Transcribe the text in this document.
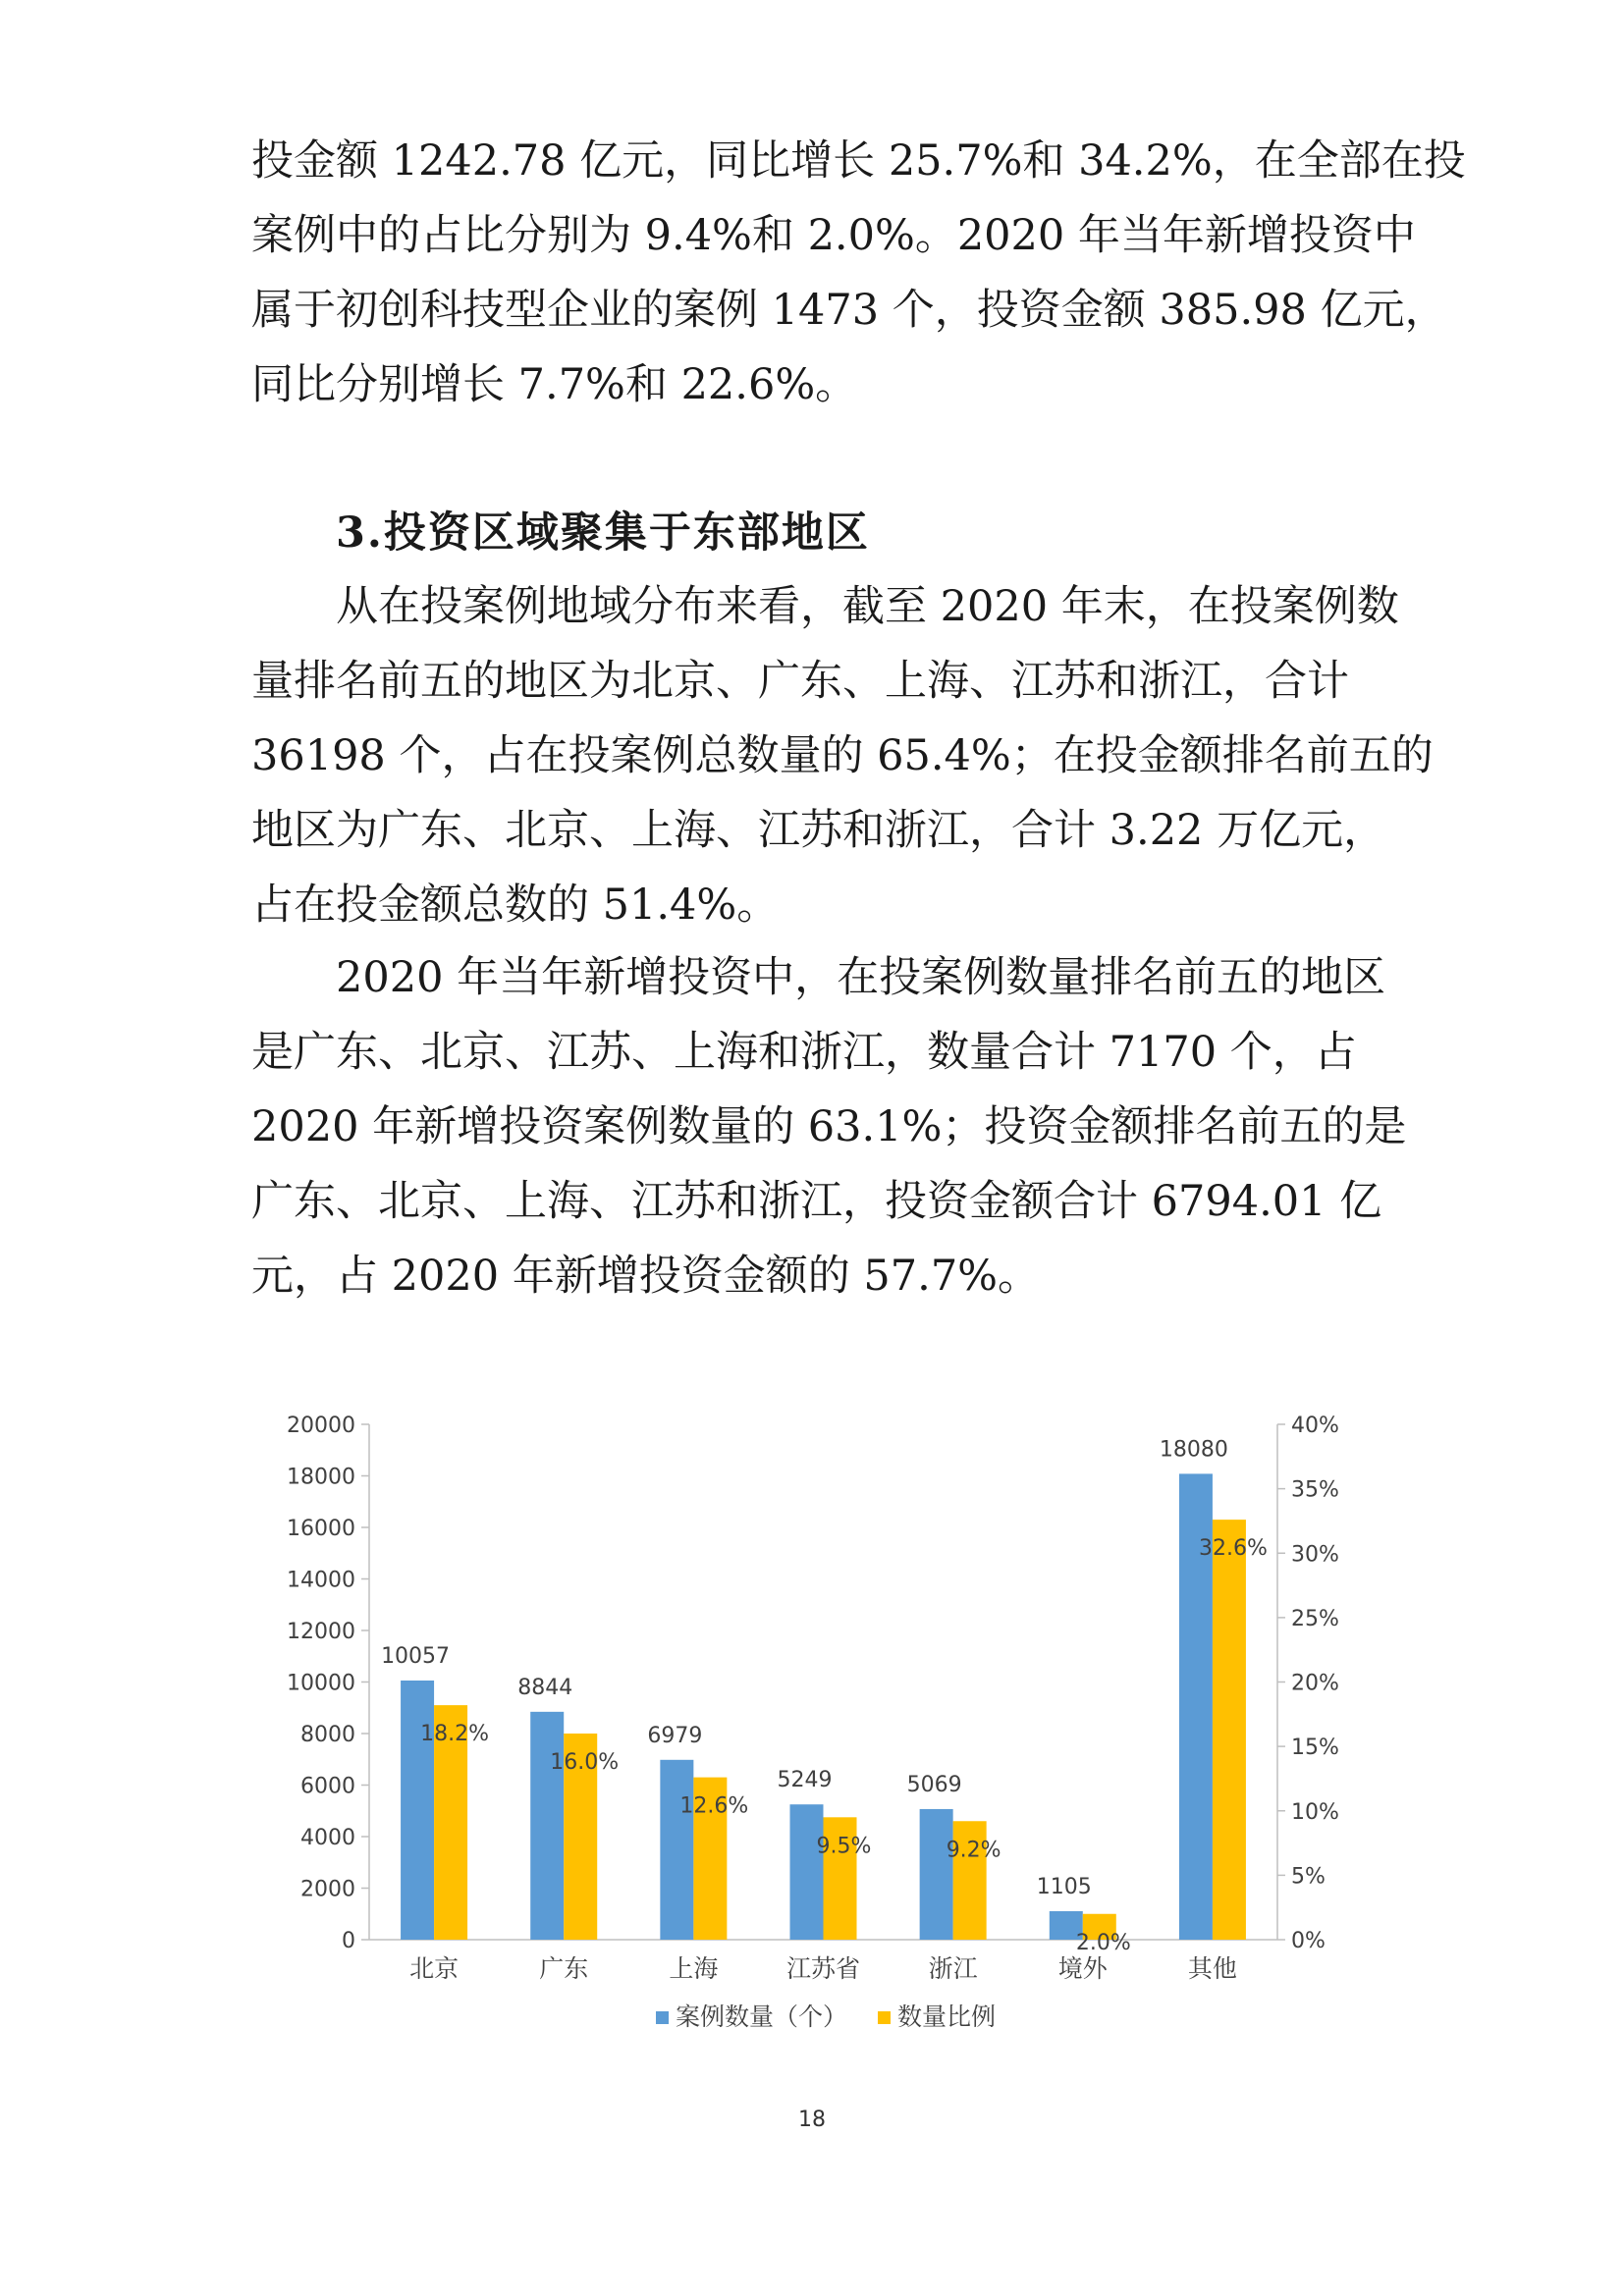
投金额 1242.78 亿元，同比增长 25.7%和 34.2%，在全部在投
案例中的占比分别为 9.4%和 2.0%。2020 年当年新增投资中
属于初创科技型企业的案例 1473 个，投资金额 385.98 亿元，
同比分别增长 7.7%和 22.6%。
3.投资区域聚集于东部地区
从在投案例地域分布来看，截至 2020 年末，在投案例数
量排名前五的地区为北京、广东、上海、江苏和浙江，合计
36198 个，占在投案例总数量的 65.4%；在投金额排名前五的
地区为广东、北京、上海、江苏和浙江，合计 3.22 万亿元，
占在投金额总数的 51.4%。
2020 年当年新增投资中，在投案例数量排名前五的地区
是广东、北京、江苏、上海和浙江，数量合计 7170 个，占
2020 年新增投资案例数量的 63.1%；投资金额排名前五的是
广东、北京、上海、江苏和浙江，投资金额合计 6794.01 亿
元，占 2020 年新增投资金额的 57.7%。
0
2000
4000
6000
8000
10000
12000
14000
16000
18000
20000
0%
5%
10%
15%
20%
25%
30%
35%
40%
10057
18.2%
北京
8844
16.0%
广东
6979
12.6%
上海
5249
9.5%
江苏省
5069
9.2%
浙江
1105
2.0%
境外
18080
32.6%
其他
案例数量（个） 数量比例
18
